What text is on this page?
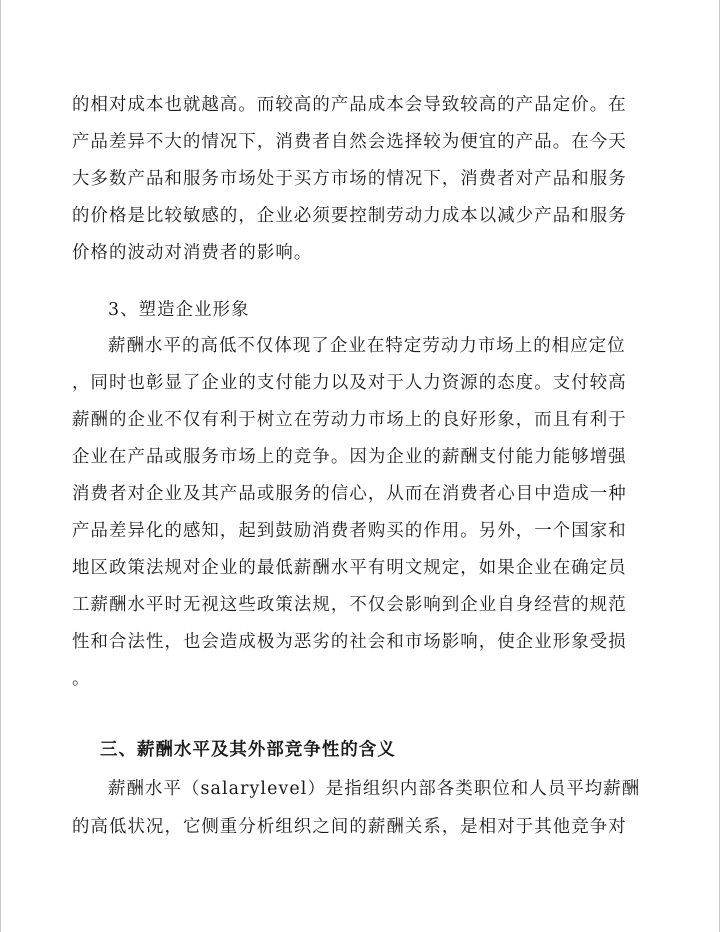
的相对成本也就越高。而较高的产品成本会导致较高的产品定价。在
产品差异不大的情况下，消费者自然会选择较为便宜的产品。在今天
大多数产品和服务市场处于买方市场的情况下，消费者对产品和服务
的价格是比较敏感的，企业必须要控制劳动力成本以减少产品和服务
价格的波动对消费者的影响。
3、塑造企业形象
薪酬水平的高低不仅体现了企业在特定劳动力市场上的相应定位
，同时也彰显了企业的支付能力以及对于人力资源的态度。支付较高
薪酬的企业不仅有利于树立在劳动力市场上的良好形象，而且有利于
企业在产品或服务市场上的竞争。因为企业的薪酬支付能力能够增强
消费者对企业及其产品或服务的信心，从而在消费者心目中造成一种
产品差异化的感知，起到鼓励消费者购买的作用。另外，一个国家和
地区政策法规对企业的最低薪酬水平有明文规定，如果企业在确定员
工薪酬水平时无视这些政策法规，不仅会影响到企业自身经营的规范
性和合法性，也会造成极为恶劣的社会和市场影响，使企业形象受损
。
三、薪酬水平及其外部竞争性的含义
薪酬水平（salarylevel）是指组织内部各类职位和人员平均薪酬
的高低状况，它侧重分析组织之间的薪酬关系，是相对于其他竞争对
